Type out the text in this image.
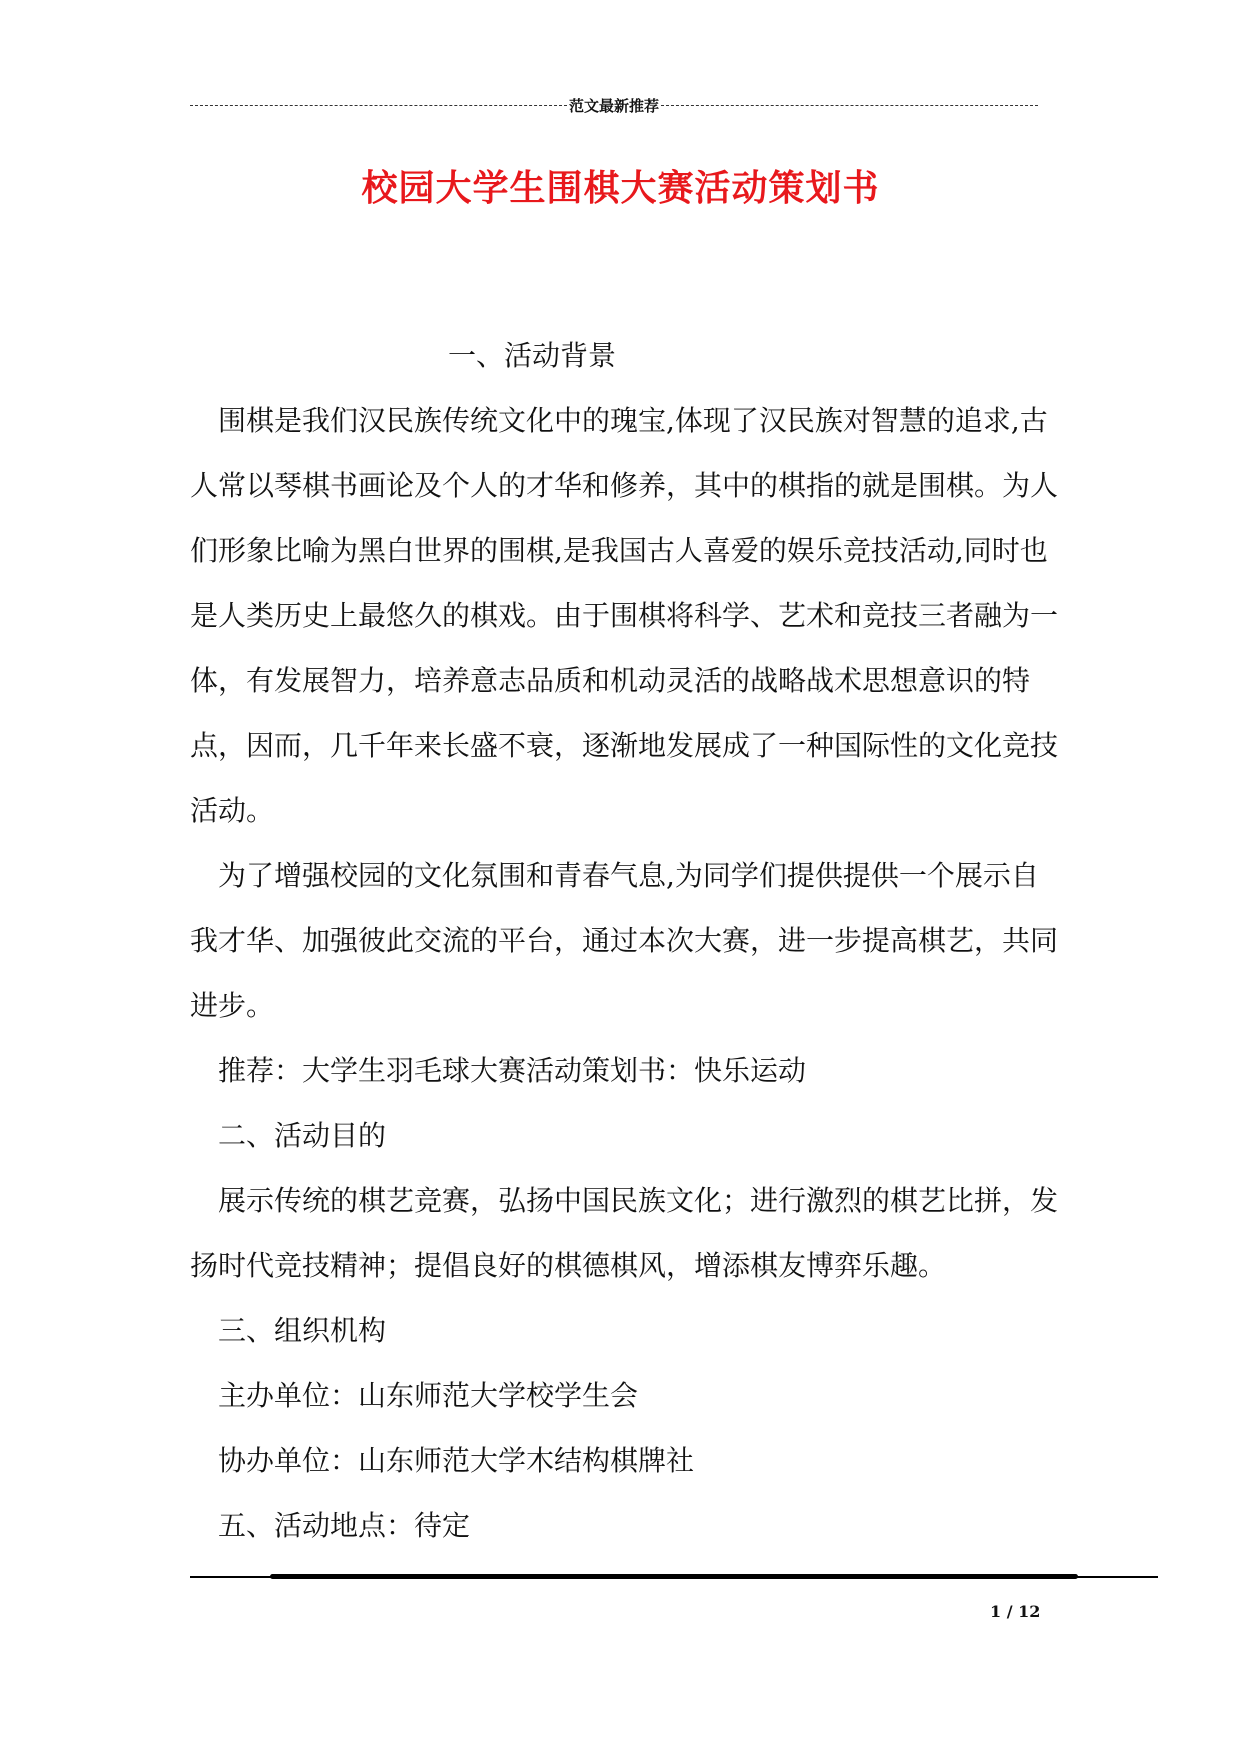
范文最新推荐
校园大学生围棋大赛活动策划书

一、活动背景

围棋是我们汉民族传统文化中的瑰宝,体现了汉民族对智慧的追求,古人常以琴棋书画论及个人的才华和修养，其中的棋指的就是围棋。为人们形象比喻为黑白世界的围棋,是我国古人喜爱的娱乐竞技活动,同时也是人类历史上最悠久的棋戏。由于围棋将科学、艺术和竞技三者融为一体，有发展智力，培养意志品质和机动灵活的战略战术思想意识的特点，因而，几千年来长盛不衰，逐渐地发展成了一种国际性的文化竞技活动。

为了增强校园的文化氛围和青春气息,为同学们提供提供一个展示自我才华、加强彼此交流的平台，通过本次大赛，进一步提高棋艺，共同进步。

推荐：大学生羽毛球大赛活动策划书：快乐运动

二、活动目的

展示传统的棋艺竞赛，弘扬中国民族文化；进行激烈的棋艺比拼，发扬时代竞技精神；提倡良好的棋德棋风，增添棋友博弈乐趣。

三、组织机构

主办单位：山东师范大学校学生会

协办单位：山东师范大学木结构棋牌社

五、活动地点：待定

1 / 12
